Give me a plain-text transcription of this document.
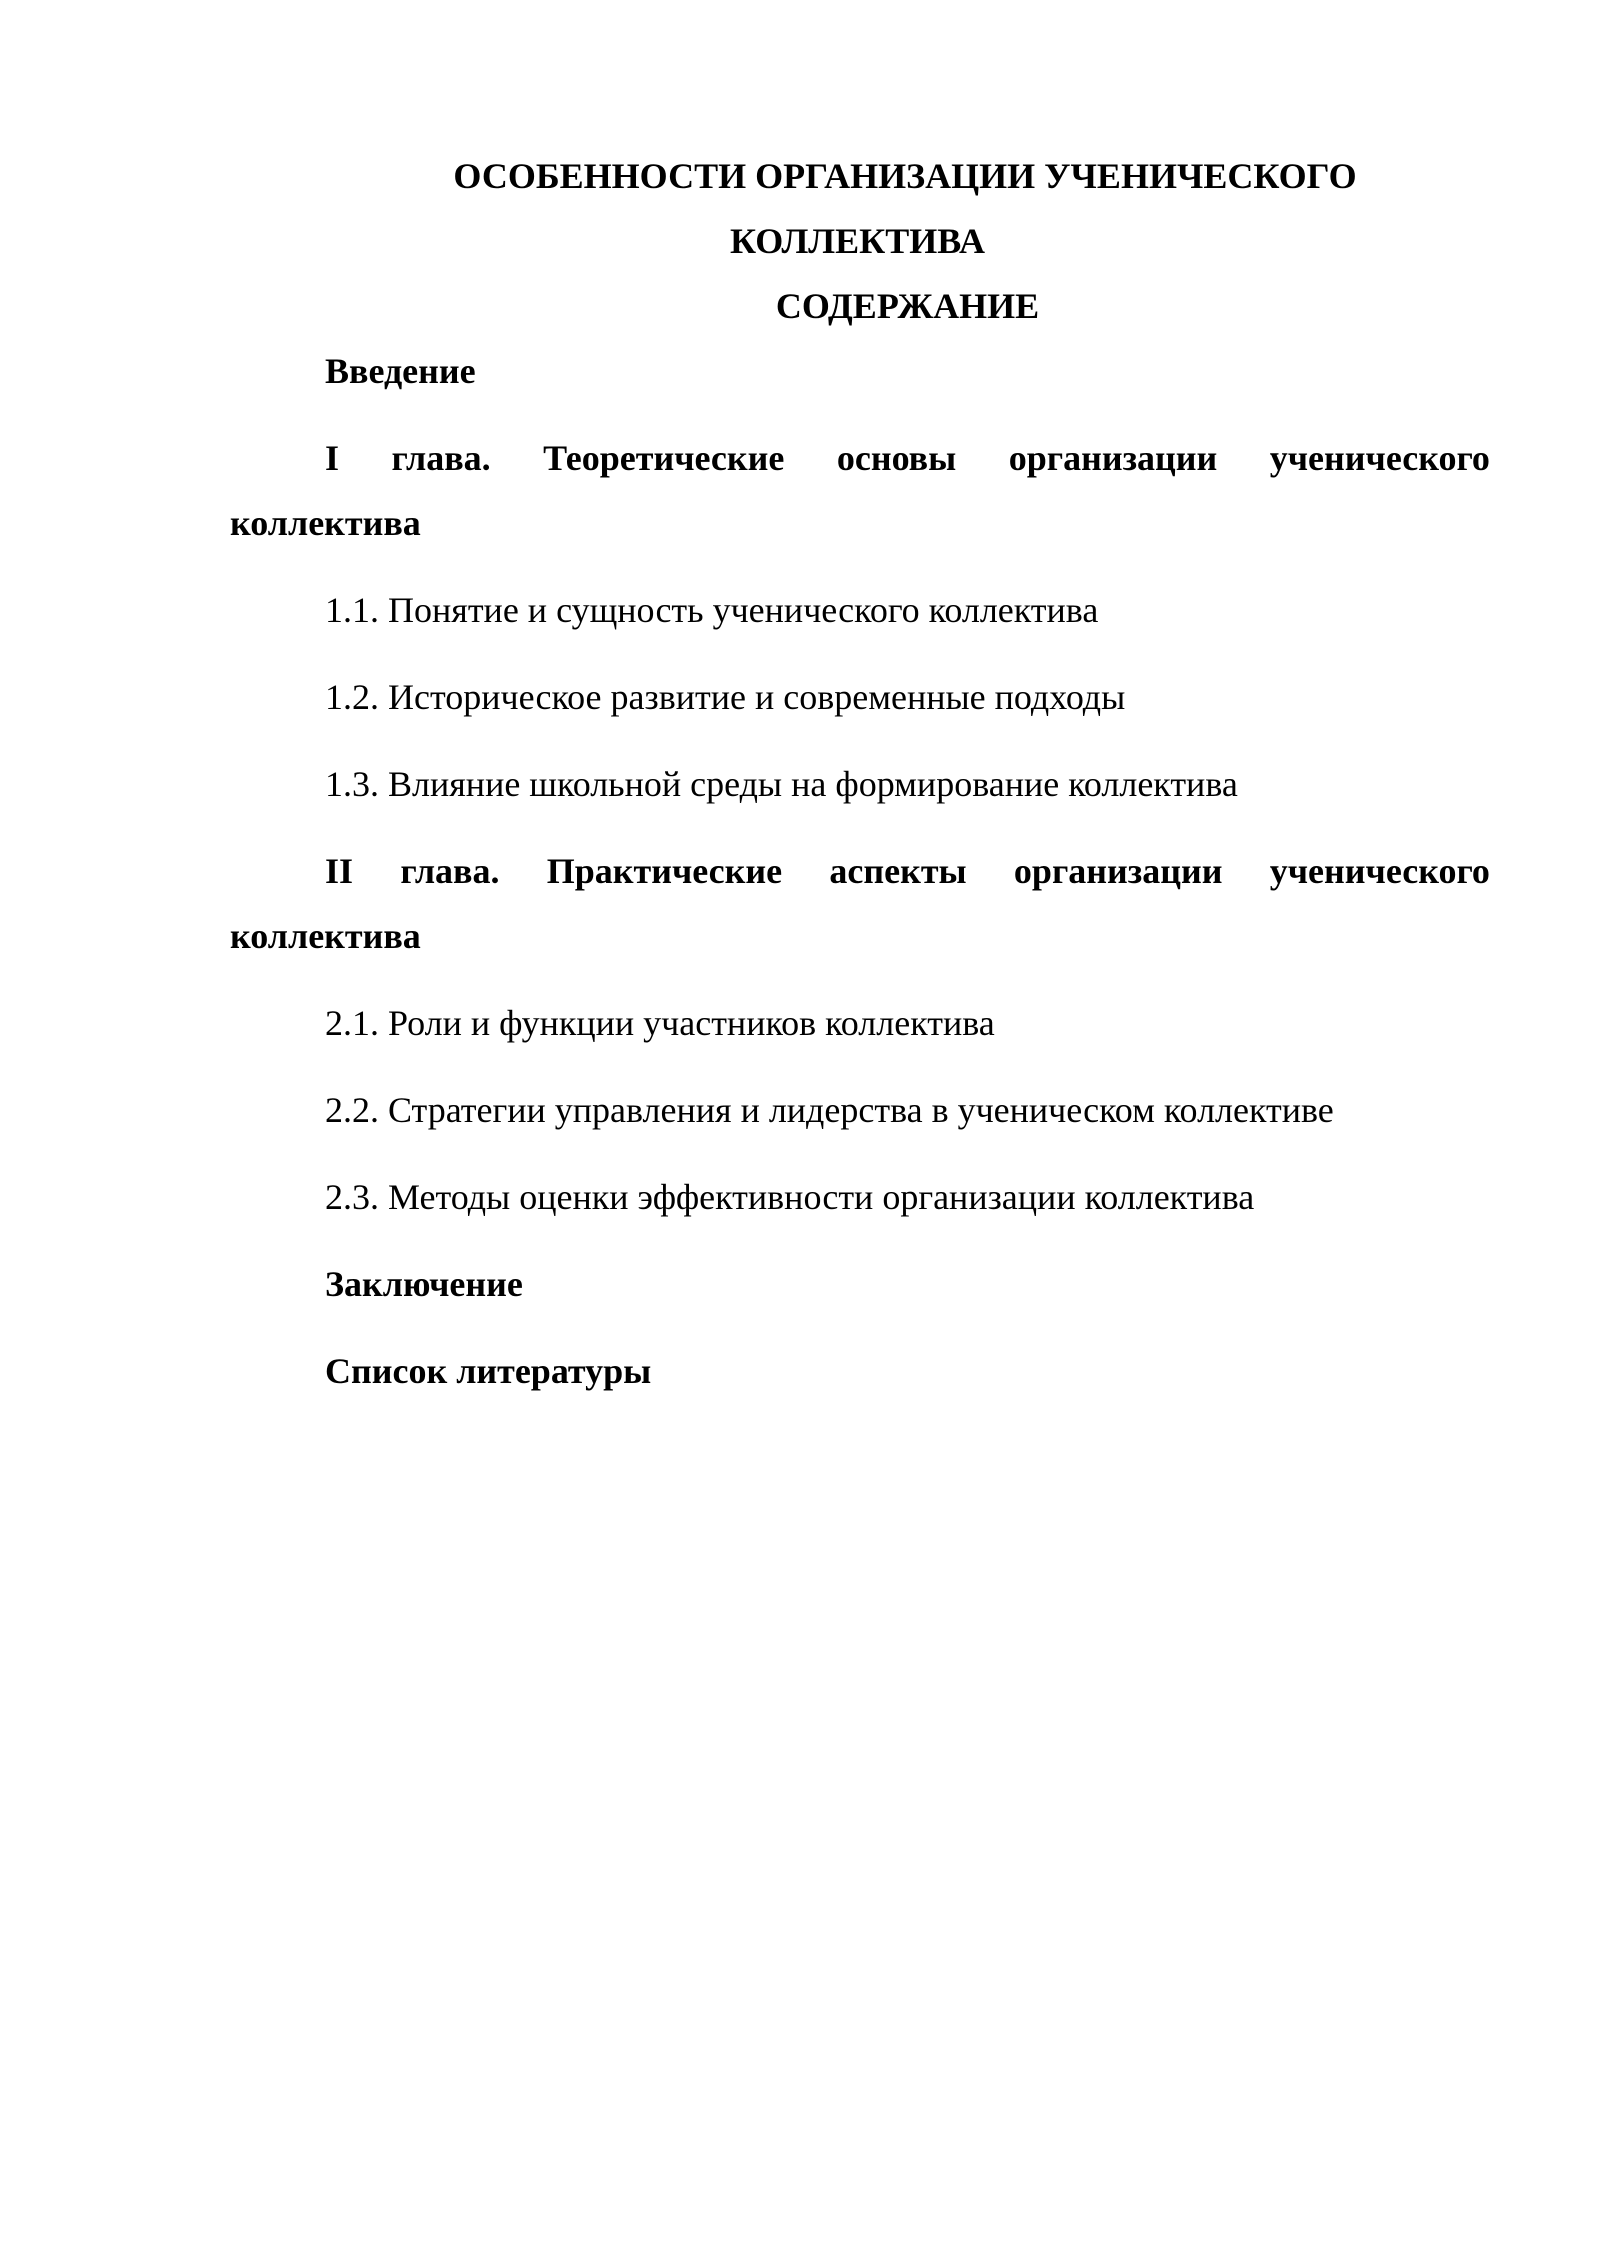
ОСОБЕННОСТИ ОРГАНИЗАЦИИ УЧЕНИЧЕСКОГО
КОЛЛЕКТИВА
СОДЕРЖАНИЕ
Введение
I глава. Теоретические основы организации ученического
коллектива
1.1. Понятие и сущность ученического коллектива
1.2. Историческое развитие и современные подходы
1.3. Влияние школьной среды на формирование коллектива
II глава. Практические аспекты организации ученического
коллектива
2.1. Роли и функции участников коллектива
2.2. Стратегии управления и лидерства в ученическом коллективе
2.3. Методы оценки эффективности организации коллектива
Заключение
Список литературы
